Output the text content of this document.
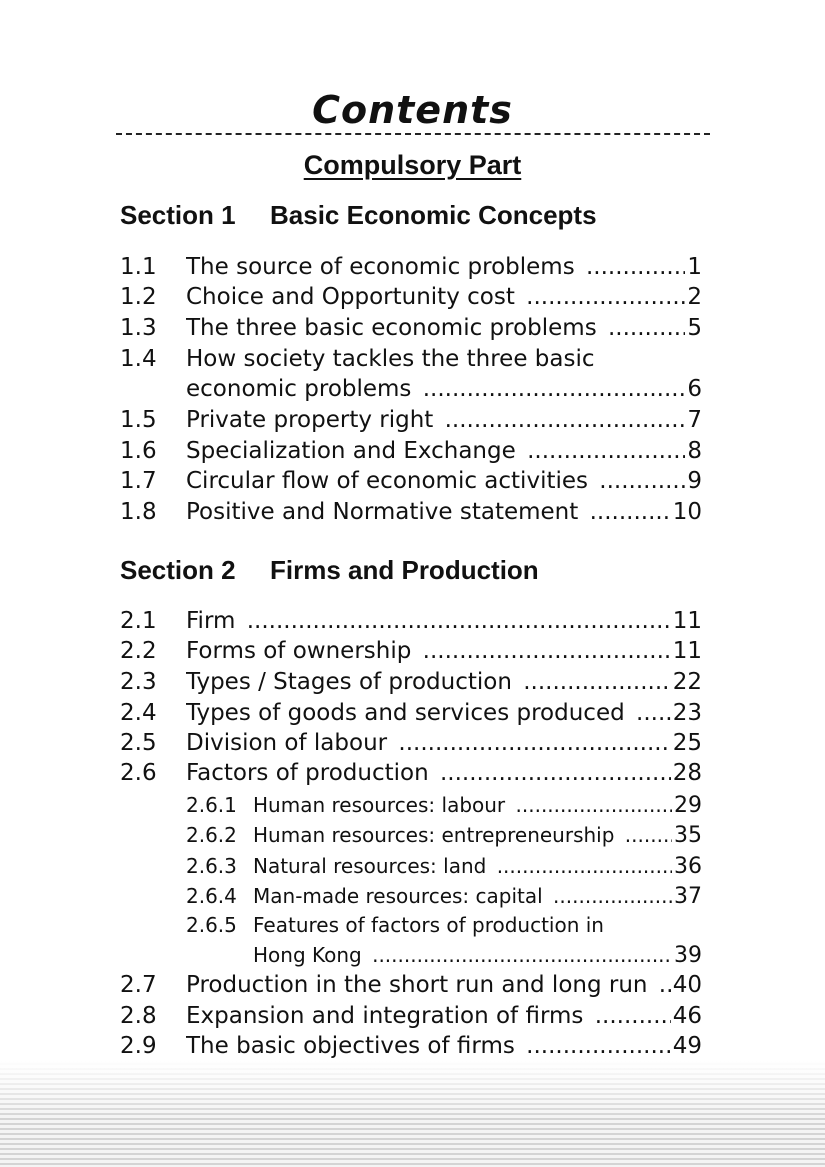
Contents
Compulsory Part
Section 1 Basic Economic Concepts
1.1 The source of economic problems .....	1
1.2 Choice and Opportunity cost .....	2
1.3 The three basic economic problems .....	5
1.4 How society tackles the three basic
economic problems .....	6
1.5 Private property right .....	7
1.6 Specialization and Exchange .....	8
1.7 Circular flow of economic activities .....	9
1.8 Positive and Normative statement .....	10
Section 2 Firms and Production
2.1 Firm .....	11
2.2 Forms of ownership .....	11
2.3 Types / Stages of production .....	22
2.4 Types of goods and services produced .....	23
2.5 Division of labour .....	25
2.6 Factors of production .....	28
2.6.1 Human resources: labour .....	29
2.6.2 Human resources: entrepreneurship .....	35
2.6.3 Natural resources: land .....	36
2.6.4 Man-made resources: capital .....	37
2.6.5 Features of factors of production in
Hong Kong .....	39
2.7 Production in the short run and long run .....	40
2.8 Expansion and integration of firms .....	46
2.9 The basic objectives of firms .....	49
